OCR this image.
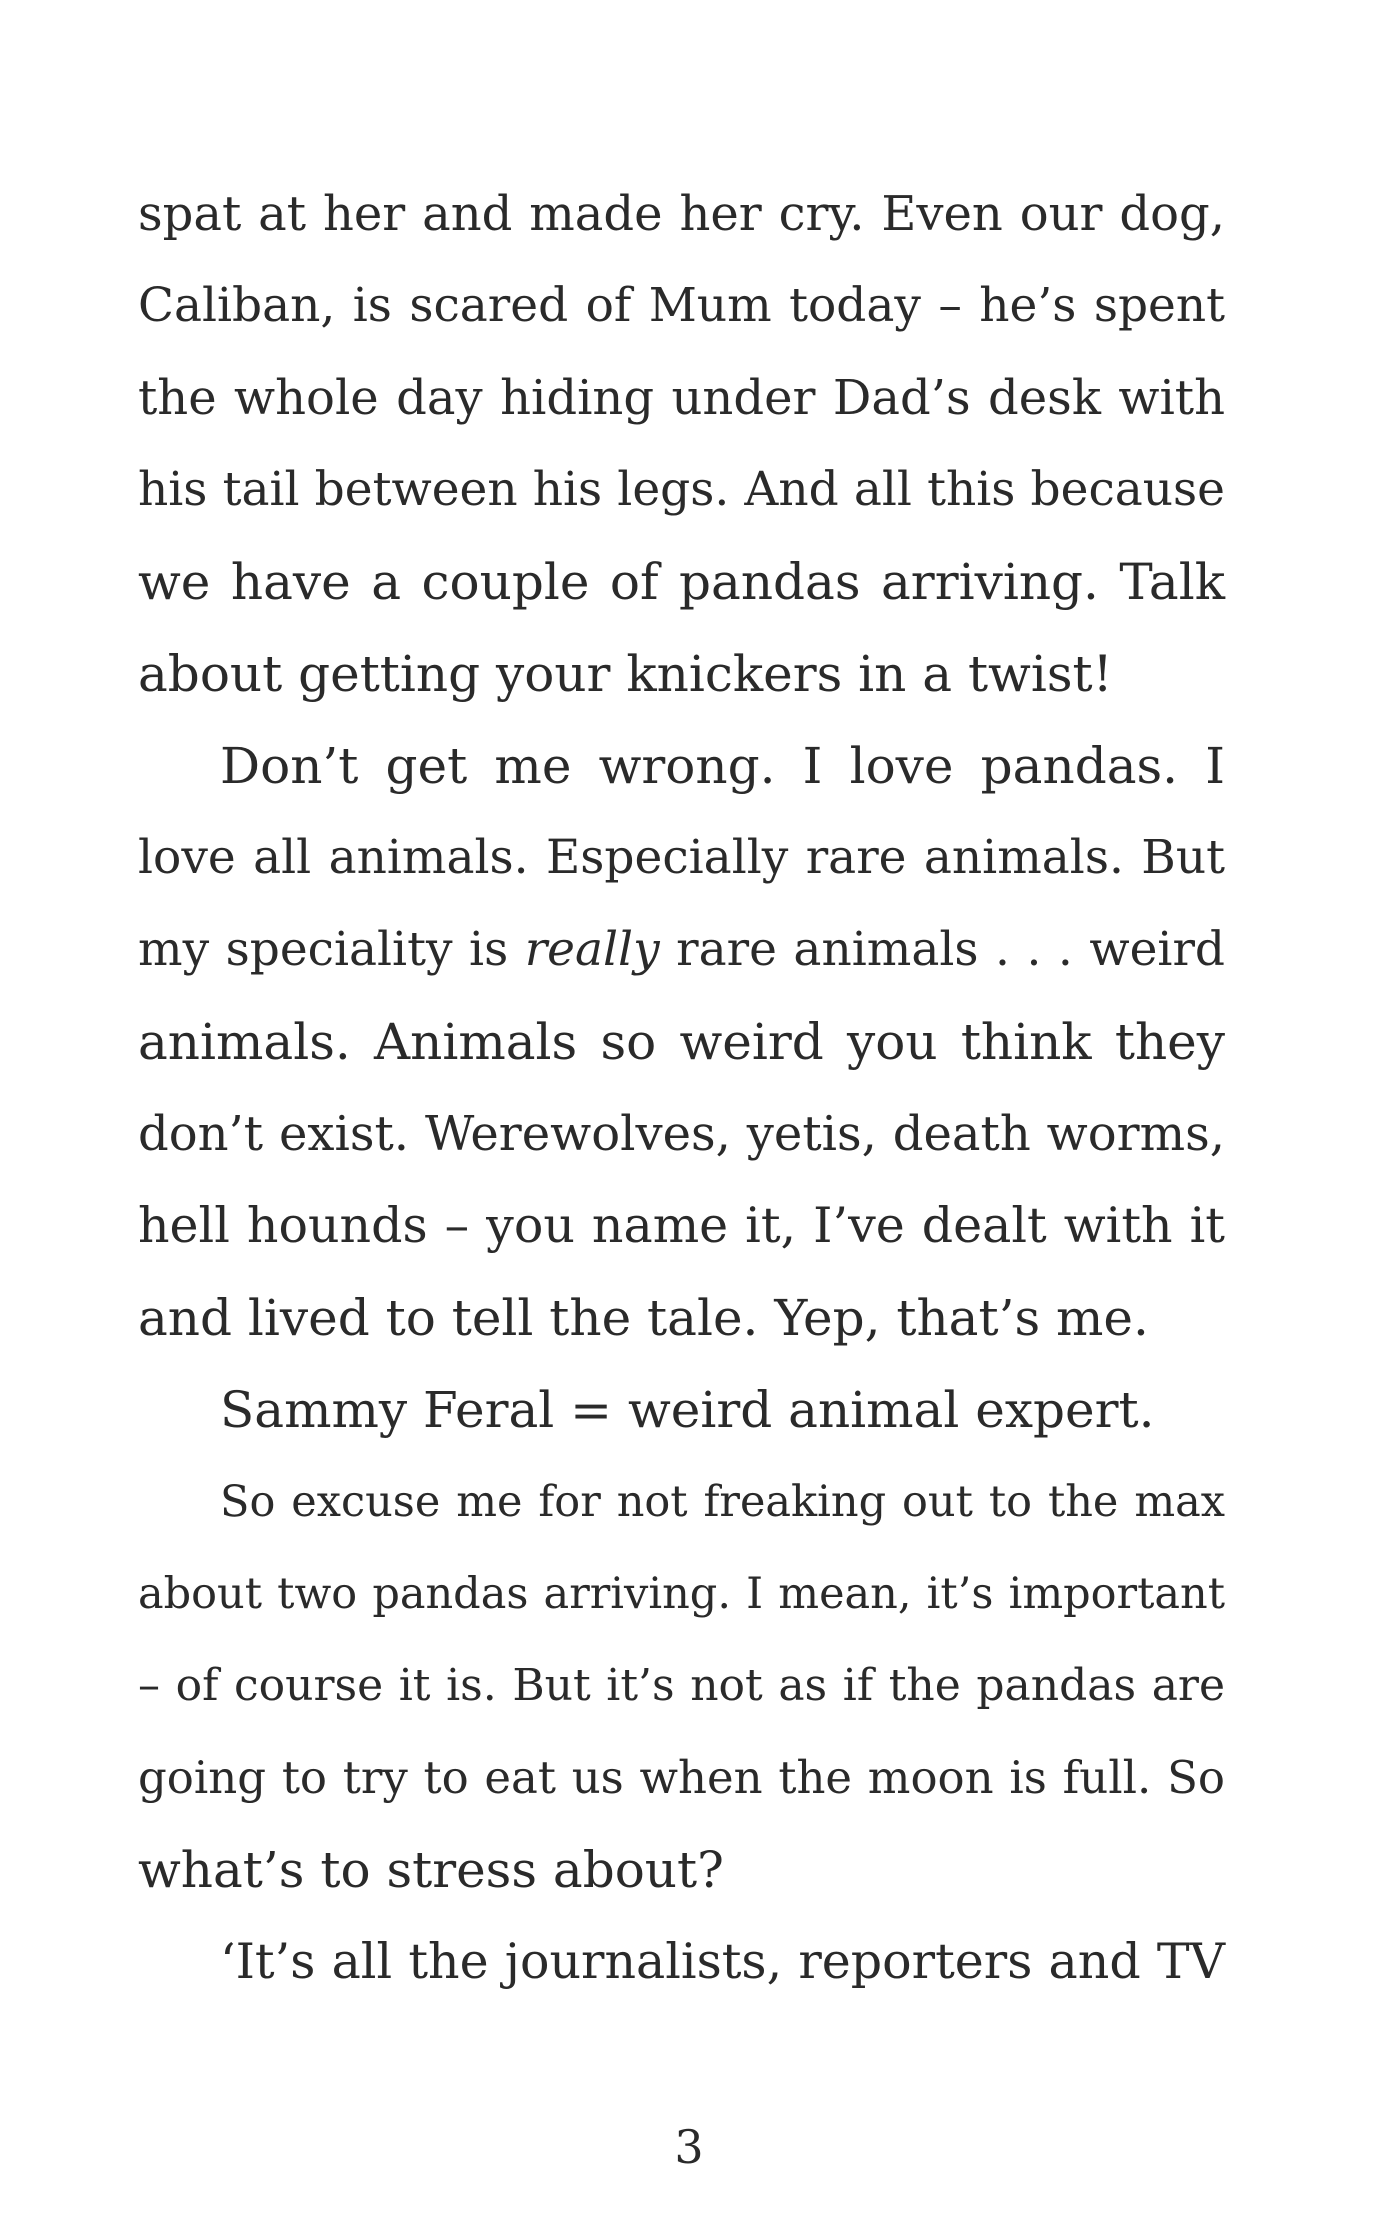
spat at her and made her cry. Even our dog,
Caliban, is scared of Mum today – he’s spent
the whole day hiding under Dad’s desk with
his tail between his legs. And all this because
we have a couple of pandas arriving. Talk
about getting your knickers in a twist!
Don’t get me wrong. I love pandas. I
love all animals. Especially rare animals. But
my speciality is really rare animals . . . weird
animals. Animals so weird you think they
don’t exist. Werewolves, yetis, death worms,
hell hounds – you name it, I’ve dealt with it
and lived to tell the tale. Yep, that’s me.
Sammy Feral = weird animal expert.
So excuse me for not freaking out to the max
about two pandas arriving. I mean, it’s important
– of course it is. But it’s not as if the pandas are
going to try to eat us when the moon is full. So
what’s to stress about?
‘It’s all the journalists, reporters and TV
3
